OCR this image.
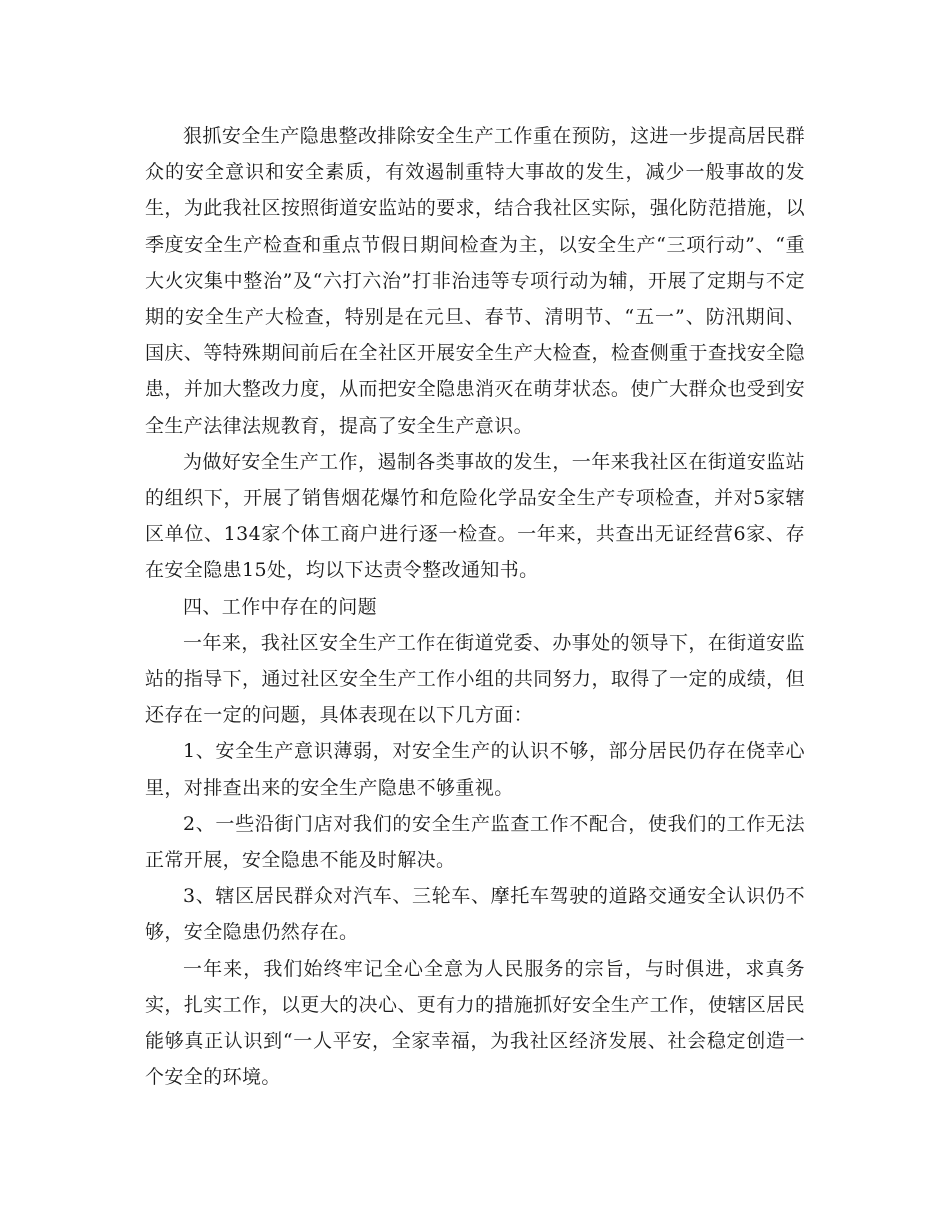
狠抓安全生产隐患整改排除安全生产工作重在预防，这进一步提高居民群众的安全意识和安全素质，有效遏制重特大事故的发生，减少一般事故的发生，为此我社区按照街道安监站的要求，结合我社区实际，强化防范措施，以季度安全生产检查和重点节假日期间检查为主，以安全生产“三项行动”、“重大火灾集中整治”及“六打六治”打非治违等专项行动为辅，开展了定期与不定期的安全生产大检查，特别是在元旦、春节、清明节、“五一”、防汛期间、国庆、等特殊期间前后在全社区开展安全生产大检查，检查侧重于查找安全隐患，并加大整改力度，从而把安全隐患消灭在萌芽状态。使广大群众也受到安全生产法律法规教育，提高了安全生产意识。

为做好安全生产工作，遏制各类事故的发生，一年来我社区在街道安监站的组织下，开展了销售烟花爆竹和危险化学品安全生产专项检查，并对5家辖区单位、134家个体工商户进行逐一检查。一年来，共查出无证经营6家、存在安全隐患15处，均以下达责令整改通知书。

四、工作中存在的问题

一年来，我社区安全生产工作在街道党委、办事处的领导下，在街道安监站的指导下，通过社区安全生产工作小组的共同努力，取得了一定的成绩，但还存在一定的问题，具体表现在以下几方面：

1、安全生产意识薄弱，对安全生产的认识不够，部分居民仍存在侥幸心里，对排查出来的安全生产隐患不够重视。

2、一些沿街门店对我们的安全生产监查工作不配合，使我们的工作无法正常开展，安全隐患不能及时解决。

3、辖区居民群众对汽车、三轮车、摩托车驾驶的道路交通安全认识仍不够，安全隐患仍然存在。

一年来，我们始终牢记全心全意为人民服务的宗旨，与时俱进，求真务实，扎实工作，以更大的决心、更有力的措施抓好安全生产工作，使辖区居民能够真正认识到“一人平安，全家幸福，为我社区经济发展、社会稳定创造一个安全的环境。
